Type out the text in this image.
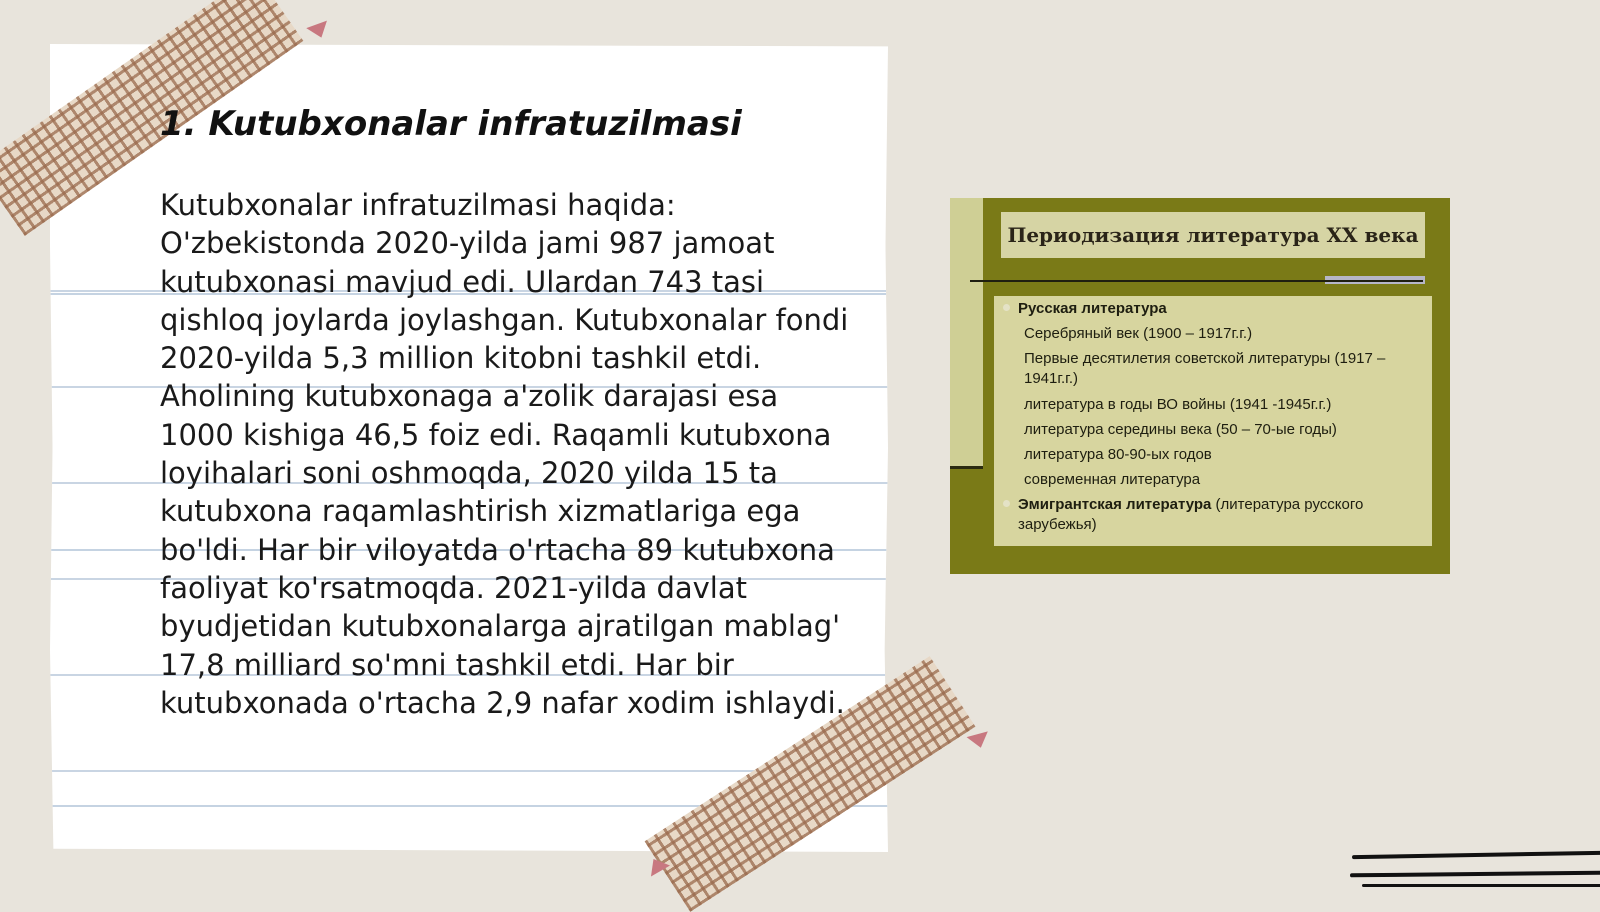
1. Kutubxonalar infratuzilmasi

Kutubxonalar infratuzilmasi haqida: O'zbekistonda 2020-yilda jami 987 jamoat kutubxonasi mavjud edi. Ulardan 743 tasi qishloq joylarda joylashgan. Kutubxonalar fondi 2020-yilda 5,3 million kitobni tashkil etdi. Aholining kutubxonaga a'zolik darajasi esa 1000 kishiga 46,5 foiz edi. Raqamli kutubxona loyihalari soni oshmoqda, 2020 yilda 15 ta kutubxona raqamlashtirish xizmatlariga ega bo'ldi. Har bir viloyatda o'rtacha 89 kutubxona faoliyat ko'rsatmoqda. 2021-yilda davlat byudjetidan kutubxonalarga ajratilgan mablag' 17,8 milliard so'mni tashkil etdi. Har bir kutubxonada o'rtacha 2,9 nafar xodim ishlaydi.

Периодизация литература XX века
Русская литература
Серебряный век (1900 – 1917г.г.)
Первые десятилетия советской литературы (1917 – 1941г.г.)
литература в годы ВО войны (1941 -1945г.г.)
литература середины века (50 – 70-ые годы)
литература 80-90-ых годов
современная литература
Эмигрантская литература (литература русского зарубежья)
